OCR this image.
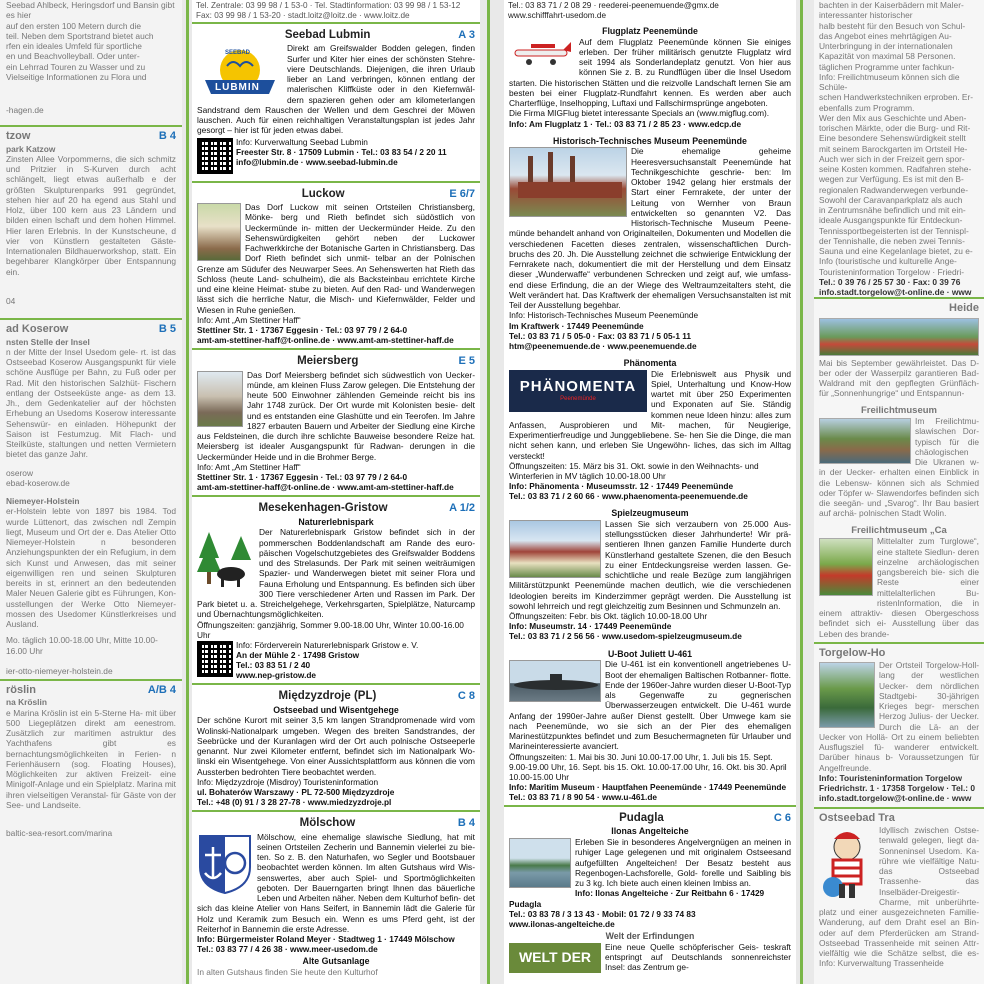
Seebad Ahlbeck, Heringsdorf und Bansin gibt es hier
auf den ersten 100 Metern durch die
teil. Neben dem Sportstrand bietet auch
rfen ein ideales Umfeld für sportliche
en und Beachvolleyball. Oder unter-
ein Lehrrad Touren zu Wasser und zu
Vielseitige Informationen zu Flora und
-hagen.de
tzow	B 4
park Katzow
Zinsten Allee Vorpommerns, die sich schmitz und Pritzier in S-Kurven durch acht schlängelt, liegt etwas außerhalb e der größten Skulpturenparks 991 gegründet, stehen hier auf 20 ha egend aus Stahl und Holz, über 100 kern aus 23 Ländern und bilden einen lschaft und dem hohen Himmel. Hier laren Erlebnis. In der Kunstscheune, d vier von Künstlern gestalteten Gäste- Internationalen Bildhauerworkshop, statt. Ein begehbarer Klangkörper über Entspannung ein.
04
ad Koserow	B 5
nsten Stelle der Insel
n der Mitte der Insel Usedom gele- rt. ist das Ostseebad Koserow Ausgangspunkt für viele schöne Ausflüge per Bahn, zu Fuß oder per Rad. Mit den historischen Salzhüt- Fischern entlang der Ostseeküste ange- as dem 13. Jh., dem Gedenkatelier auf der höchsten Erhebung an Usedoms Koserow interessante Sehenswür- en einladen. Höhepunkt der Saison ist Festumzug. Mit Flach- und Steilküste, staltungen und netten Vermietern bietet das ganze Jahr.
oserow
ebad-koserow.de
Niemeyer-Holstein
er-Holstein lebte von 1897 bis 1984. Tod wurde Lüttenort, das zwischen ndl Zempin liegt, Museum und Ort der e. Das Atelier Otto Niemeyer-Holstein n besonderen Anziehungspunkten der ein Refugium, in dem sich Kunst und Anwesen, das mit seiner eigenwilligen ren und seinen Skulpturen bereits in st, erinnert an den bedeutenden Maler Neuen Galerie gibt es Führungen, Kon- usstellungen der Werke Otto Niemeyer- mossen des Usedomer Künstlerkreises und Ausland.
Mo. täglich 10.00-18.00 Uhr, Mitte 10.00-16.00 Uhr
ier-otto-niemeyer-holstein.de
röslin	A/B 4
na Kröslin
e Marina Kröslin ist ein 5-Sterne Ha- mit über 500 Liegeplätzen direkt am eenestrom. Zusätzlich zur maritimen astruktur des Yachthafens gibt es bernachtungsmöglichkeiten in Ferien- n Ferienhäusern (sog. Floating Houses), Möglichkeiten zur aktiven Freizeit- eine Minigolf-Anlage und ein Spielplatz. Marina mit ihren vielseitigen Veranstal- für Gäste von der See- und Landseite.
baltic-sea-resort.com/marina
Tel. Zentrale: 03 99 98 / 1 53-0 · Tel. Stadtinformation: 03 99 98 / 1 53-12
Fax: 03 99 98 / 1 53-20 · stadt.loitz@loitz.de · www.loitz.de
Seebad Lubmin	A 3
SEEBAD
LUBMIN
Direkt am Greifswalder Bodden gelegen, finden Surfer und Kiter hier eines der schönsten Stehre- viere Deutschlands. Diejenigen, die ihren Urlaub lieber an Land verbringen, können entlang der malerischen Kliffküste oder in den Kiefernwäl- dern spazieren gehen oder am kilometerlangen Sandstrand dem Rauschen der Wellen und dem Geschrei der Möwen lauschen. Auch für einen reichhaltigen Veranstaltungsplan ist jedes Jahr gesorgt – hier ist für jeden etwas dabei.
Info: Kurverwaltung Seebad Lubmin
Freester Str. 8 · 17509 Lubmin · Tel.: 03 83 54 / 2 20 11
info@lubmin.de · www.seebad-lubmin.de
Luckow	E 6/7
Das Dorf Luckow mit seinen Ortsteilen Christiansberg, Mönke- berg und Rieth befindet sich südöstlich von Ueckermünde in- mitten der Ueckermünder Heide. Zu den Sehenswürdigkeiten gehört neben der Luckower Fachwerkkirche der Botanische Garten in Christiansberg. Das Dorf Rieth befindet sich unmit- telbar an der Polnischen Grenze am Südufer des Neuwarper Sees. An Sehenswerten hat Rieth das Schloss (heute Land- schulheim), die als Backsteinbau errichtete Kirche und eine kleine Heimat- stube zu bieten. Auf den Rad- und Wanderwegen lässt sich die herrliche Natur, die Misch- und Kiefernwälder, Felder und Wiesen in Ruhe genießen.
Info: Amt „Am Stettiner Haff“
Stettiner Str. 1 · 17367 Eggesin · Tel.: 03 97 79 / 2 64-0
amt-am-stettiner-haff@t-online.de · www.amt-am-stettiner-haff.de
Meiersberg	E 5
Das Dorf Meiersberg befindet sich südwestlich von Uecker- münde, am kleinen Fluss Zarow gelegen. Die Entstehung der heute 500 Einwohner zählenden Gemeinde reicht bis ins Jahr 1748 zurück. Der Ort wurde mit Kolonisten besie- delt und es entstanden eine Glashütte und ein Teerofen. Im Jahre 1827 erbauten Bauern und Arbeiter der Siedlung eine Kirche aus Feldsteinen, die durch ihre schlichte Bauweise besondere Reize hat. Meiersberg ist idealer Ausgangspunkt für Radwan- derungen in die Ueckermünder Heide und in die Brohmer Berge.
Info: Amt „Am Stettiner Haff“
Stettiner Str. 1 · 17367 Eggesin · Tel.: 03 97 79 / 2 64-0
amt-am-stettiner-haff@t-online.de · www.amt-am-stettiner-haff.de
Mesekenhagen-Gristow	A 1/2
Naturerlebnispark
Der Naturerlebnispark Gristow befindet sich in der pommerschen Boddenlandschaft am Rande des euro- päischen Vogelschutzgebietes des Greifswalder Boddens und des Strelasunds. Der Park mit seinen weiträumigen Spazier- und Wanderwegen bietet mit seiner Flora und Fauna Erholung und Entspannung. Es befinden sich über 300 Tiere verschiedener Arten und Rassen im Park. Der Park bietet u. a. Streichelgehege, Verkehrsgarten, Spielplätze, Naturcamp und Übernachtungsmöglichkeiten.
Öffnungszeiten: ganzjährig, Sommer 9.00-18.00 Uhr, Winter 10.00-16.00 Uhr
Info: Förderverein Naturerlebnispark Gristow e. V.
An der Mühle 2 · 17498 Gristow
Tel.: 03 83 51 / 2 40
www.nep-gristow.de
Międzyzdroje (PL)	C 8
Ostseebad und Wisentgehege
Der schöne Kurort mit seiner 3,5 km langen Strandpromenade wird vom Wolinski-Nationalpark umgeben. Wegen des breiten Sandstrandes, der Seebrücke und der Kuranlagen wird der Ort auch polnische Ostseeperle genannt. Nur zwei Kilometer entfernt, befindet sich im Nationalpark Wo- linski ein Wisentgehege. Von einer Aussichtsplattform aus können die vom Aussterben bedrohten Tiere beobachtet werden.
Info: Międzyzdroje (Misdroy) Touristeninformation
ul. Bohaterów Warszawy · PL 72-500 Międzyzdroje
Tel.: +48 (0) 91 / 3 28 27-78 · www.miedzyzdroje.pl
Mölschow	B 4
Mölschow, eine ehemalige slawische Siedlung, hat mit seinen Ortsteilen Zecherin und Bannemin vielerlei zu bie- ten. So z. B. den Naturhafen, wo Segler und Bootsbauer beobachtet werden können. Im alten Gutshaus wird Wis- senswertes, aber auch Spiel- und Sportmöglichkeiten geboten. Der Bauerngarten bringt Ihnen das bäuerliche Leben und Arbeiten näher. Neben dem Kulturhof befin- det sich das kleine Atelier von Hans Seifert, in Bannemin lädt die Galerie für Holz und Keramik zum Besuch ein. Wenn es ums Pferd geht, ist der Reiterhof in Bannemin die erste Adresse.
Info: Bürgermeister Roland Meyer · Stadtweg 1 · 17449 Mölschow
Tel.: 03 83 77 / 4 26 38 · www.meer-usedom.de
Alte Gutsanlage
In alten Gutshaus finden Sie heute den Kulturhof
Tel.: 03 83 71 / 2 08 29 · reederei-peenemuende@gmx.de
www.schifffahrt-usedom.de
Flugplatz Peenemünde
Auf dem Flugplatz Peenemünde können Sie einiges erleben. Der früher militärisch genutzte Flugplatz wird seit 1994 als Sonderlandeplatz genutzt. Von hier aus können Sie z. B. zu Rundflügen über die Insel Usedom starten. Die historischen Stätten und die reizvolle Landschaft lernen Sie am besten bei einer Flugplatz-Rundfahrt kennen. Es werden aber auch Charterflüge, Inselhopping, Luftaxi und Fallschirmsprünge angeboten.
Die Firma MIGFlug bietet interessante Specials an (www.migflug.com).
Info: Am Flugplatz 1 · Tel.: 03 83 71 / 2 85 23 · www.edcp.de
Historisch-Technisches Museum Peenemünde
Die ehemalige geheime Heeresversuchsanstalt Peenemünde hat Technikgeschichte geschrie- ben: Im Oktober 1942 gelang hier erstmals der Start einer Fernrakete, der unter der Leitung von Wernher von Braun entwickelten so genannten V2. Das Historisch-Technische Museum Peene- münde behandelt anhand von Originalteilen, Dokumenten und Modellen die verschiedenen Facetten dieses zentralen, wissenschaftlichen Durch- bruchs des 20. Jh. Die Ausstellung zeichnet die schwierige Entwicklung der Fernrakete nach, dokumentiert die mit der Herstellung und dem Einsatz dieser „Wunderwaffe“ verbundenen Schrecken und zeigt auf, wie umfass- end diese Erfindung, die an der Wiege des Weltraumzeitalters steht, die Welt verändert hat. Das Kraftwerk der ehemaligen Versuchsanstalten ist mit Teil der Ausstellung begehbar.
Info: Historisch-Technisches Museum Peenemünde
Im Kraftwerk · 17449 Peenemünde
Tel.: 03 83 71 / 5 05-0 · Fax: 03 83 71 / 5 05-1 11
htm@peenemuende.de · www.peenemuende.de
Phänomenta
PHÄNOMENTA
Peenemünde
Die Erlebniswelt aus Physik und Spiel, Unterhaltung und Know-How wartet mit über 250 Experimenten und Exponaten auf Sie. Ständig kommen neue Ideen hinzu: alles zum Anfassen, Ausprobieren und Mit- machen, für Neugierige, Experimentierfreudige und Junggebliebene. Se- hen Sie die Dinge, die man nicht sehen kann, und erleben Sie Ungewöhn- liches, das sich im Alltag versteckt!
Öffnungszeiten: 15. März bis 31. Okt. sowie in den Weihnachts- und
Winterferien in MV täglich 10.00-18.00 Uhr
Info: Phänomenta · Museumsstr. 12 · 17449 Peenemünde
Tel.: 03 83 71 / 2 60 66 · www.phaenomenta-peenemuende.de
Spielzeugmuseum
Lassen Sie sich verzaubern von 25.000 Aus- stellungsstücken dieser Jahrhunderte! Wir prä- sentieren Ihnen ganzen Familie Hunderte durch Künstlerhand gestaltete Szenen, die den Besuch zu einer Entdeckungsreise werden lassen. Ge- schichtliche und reale Bezüge zum langjährigen Militärstützpunkt Peenemünde machen deutlich, wie die verschiedenen Ideologien bereits im Kinderzimmer geprägt werden. Die Ausstellung ist sowohl lehrreich und regt gleichzeitig zum Besinnen und Schmunzeln an.
Öffnungszeiten: Febr. bis Okt. täglich 10.00-18.00 Uhr
Info: Museumstr. 14 · 17449 Peenemünde
Tel.: 03 83 71 / 2 56 56 · www.usedom-spielzeugmuseum.de
U-Boot Juliett U-461
Die U-461 ist ein konventionell angetriebenes U-Boot der ehemaligen Baltischen Rotbanner- flotte. Ende der 1960er-Jahre wurden dieser U-Boot-Typ als Gegenwaffe zu gegnerischen Überwasserzeugen entwickelt. Die U-461 wurde Anfang der 1990er-Jahre außer Dienst gestellt. Über Umwege kam sie nach Peenemünde, wo sie sich an der Pier des ehemaligen Marinestützpunktes befindet und zum Besuchermagneten für Urlauber und Marineinteressierte avanciert.
Öffnungszeiten: 1. Mai bis 30. Juni 10.00-17.00 Uhr, 1. Juli bis 15. Sept. 9.00-19.00 Uhr, 16. Sept. bis 15. Okt. 10.00-17.00 Uhr, 16. Okt. bis 30. April 10.00-15.00 Uhr
Info: Maritim Museum · Hauptfahen Peenemünde · 17449 Peenemünde
Tel.: 03 83 71 / 8 90 54 · www.u-461.de
Pudagla	C 6
Ilonas Angelteiche
Erleben Sie in besonderes Angelvergnügen an meinen in ruhiger Lage gelegenen und mit originalem Ostseesand aufgefüllten Angelteichen! Der Besatz besteht aus Regenbogen-Lachsforelle, Gold- forelle und Saibling bis zu 3 kg. Ich biete auch einen kleinen Imbiss an.
Info: Ilonas Angelteiche · Zur Reitbahn 6 · 17429 Pudagla
Tel.: 03 83 78 / 3 13 43 · Mobil: 01 72 / 9 33 74 83
www.ilonas-angelteiche.de
Welt der Erfindungen
WELT DER
Eine neue Quelle schöpferischer Geis- teskraft entspringt auf Deutschlands sonnenreichster Insel: das Zentrum ge-
bachten in der Kaiserbädern mit Maler-
interessanter historischer
halb besteht für den Besuch von Schul-
das Angebot eines mehrtägigen Au-
Unterbringung in der internationalen
Kapazität von maximal 58 Personen.
täglichen Programme unter fachkun-
Info: Freilichtmuseum können sich die Schüle-
schen Handwerkstechniken erproben. Er-
ebenfalls zum Programm.
Wer den Mix aus Geschichte und Aben-
torischen Märkte, oder die Burg- und Rit-
Eine besondere Sehenswürdigkeit stellt
mit seinem Barockgarten im Ortsteil He-
Auch wer sich in der Freizeit gern spor-
seine Kosten kommen. Radfahren stehe-
wegen zur Verfügung. Es ist mit den B-
regionalen Radwanderwegen verbunde-
Sowohl der Caravanparkplatz als auch
in Zentrumsnähe befindlich und mit ein-
ideale Ausgangspunkte für Entdeckun-
Tennissportbegeisterten ist der Tennispl-
der Tennishalle, die neben zwei Tennis-
Sauna und eine Kegelanlage bietet, zu e-
Info (touristische und kulturelle Ange-
Touristeninformation Torgelow · Friedri-
Tel.: 0 39 76 / 25 57 30 · Fax: 0 39 76
info.stadt.torgelow@t-online.de · www
Heide
Mai bis September gewährleistet. Das D- ber oder der Wasserpilz garantieren Bad- Waldrand mit den gepflegten Grünfläch- für „Sonnenhungrige“ und Entspannun-
Freilichtmuseum
Im Freilichtmu- slawischen Dor- typisch für die chäologischen Die Ukranen w- in der Uecker- erhalten einen Einblick in die Lebensw- können sich als Schmied oder Töpfer w- Slawendorfes befinden sich die seegän- und „Svarog“. Ihr Bau basiert auf archä- polnischen Stadt Wolin.
Freilichtmuseum „Ca
Mittelalter zum Turglowe“, eine staltete Siedlun- deren einzelne archäologischen gangsbereich bie- sich die Reste einer mittelalterlichen Bu- ristenInformation, die in einem attraktiv- diesen Obergeschoss befindet sich ei- Ausstellung über das Leben des brande-
Torgelow-Ho
Der Ortsteil Torgelow-Holl- lang der westlichen Uecker- dem nördlichen Stadtgebi- 30-jährigen Krieges begr- merschen Herzog Julius- der Uecker. Durch die Lä- an der Uecker von Hollä- Ort zu einem beliebten Ausflugsziel fü- wanderer entwickelt. Darüber hinaus b- Voraussetzungen für Angelfreunde.
Info: Touristeninformation Torgelow
Friedrichstr. 1 · 17358 Torgelow · Tel.: 0
info.stadt.torgelow@t-online.de · www
Ostseebad Tra
Idyllisch zwischen Ostse- tenwald gelegen, liegt da- Sonneninsel Usedom. Ka- rühre wie vielfältige Natu- das Ostseebad Trassenhe- das Inselbäder-Dreigestir- Charme, mit unberührte- platz und einer ausgezeichneten Familie- Wanderung, auf dem Draht esel an Bin- oder auf dem Pferderücken am Strand- Ostseebad Trassenheide mit seinen Attr- vielfältig wie die Schätze selbst, die es- Info: Kurverwaltung Trassenheide
